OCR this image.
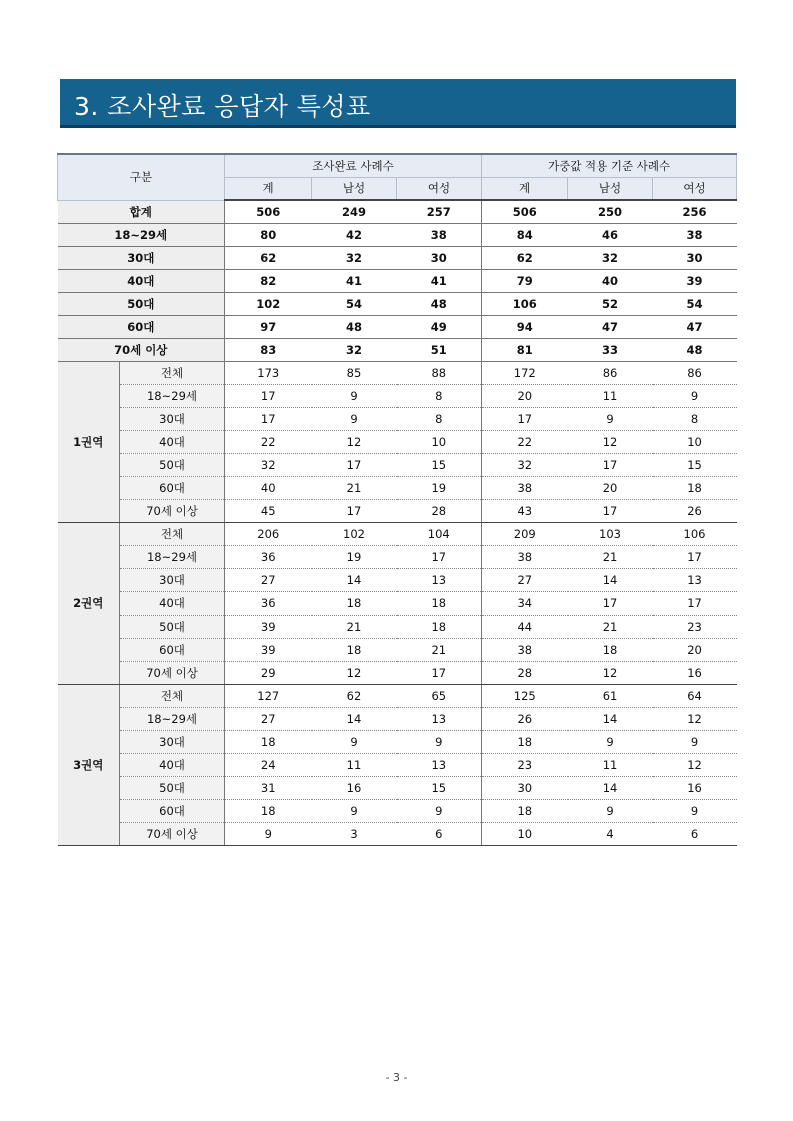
3. 조사완료 응답자 특성표
구분		조사완료 사례수			가중값 적용 기준 사례수		
		계	남성	여성	계	남성	여성
합계		506	249	257	506	250	256
18~29세		80	42	38	84	46	38
30대		62	32	30	62	32	30
40대		82	41	41	79	40	39
50대		102	54	48	106	52	54
60대		97	48	49	94	47	47
70세 이상		83	32	51	81	33	48
1권역	전체	173	85	88	172	86	86
	18~29세	17	9	8	20	11	9
	30대	17	9	8	17	9	8
	40대	22	12	10	22	12	10
	50대	32	17	15	32	17	15
	60대	40	21	19	38	20	18
	70세 이상	45	17	28	43	17	26
2권역	전체	206	102	104	209	103	106
	18~29세	36	19	17	38	21	17
	30대	27	14	13	27	14	13
	40대	36	18	18	34	17	17
	50대	39	21	18	44	21	23
	60대	39	18	21	38	18	20
	70세 이상	29	12	17	28	12	16
3권역	전체	127	62	65	125	61	64
	18~29세	27	14	13	26	14	12
	30대	18	9	9	18	9	9
	40대	24	11	13	23	11	12
	50대	31	16	15	30	14	16
	60대	18	9	9	18	9	9
	70세 이상	9	3	6	10	4	6
- 3 -
